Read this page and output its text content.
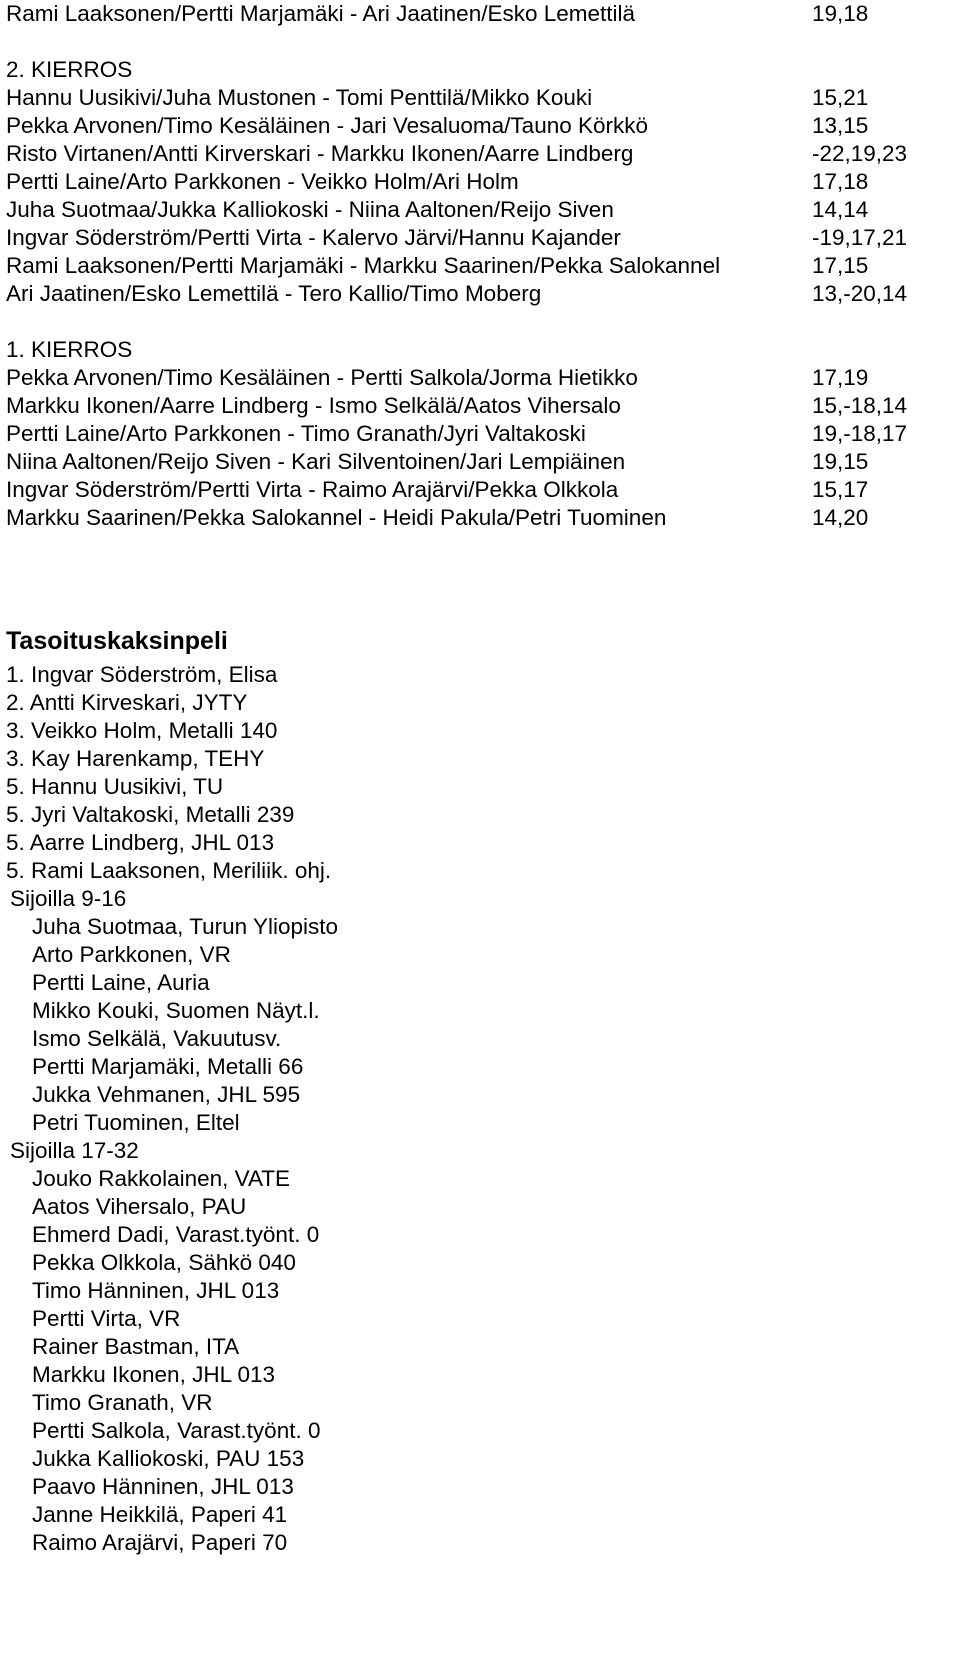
Rami Laaksonen/Pertti Marjamäki - Ari Jaatinen/Esko Lemettilä	19,18
2. KIERROS
Hannu Uusikivi/Juha Mustonen - Tomi Penttilä/Mikko Kouki	15,21
Pekka Arvonen/Timo Kesäläinen - Jari Vesaluoma/Tauno Körkkö	13,15
Risto Virtanen/Antti Kirverskari - Markku Ikonen/Aarre Lindberg	-22,19,23
Pertti Laine/Arto Parkkonen - Veikko Holm/Ari Holm	17,18
Juha Suotmaa/Jukka Kalliokoski - Niina Aaltonen/Reijo Siven	14,14
Ingvar Söderström/Pertti Virta - Kalervo Järvi/Hannu Kajander	-19,17,21
Rami Laaksonen/Pertti Marjamäki - Markku Saarinen/Pekka Salokannel	17,15
Ari Jaatinen/Esko Lemettilä - Tero Kallio/Timo Moberg	13,-20,14
1. KIERROS
Pekka Arvonen/Timo Kesäläinen - Pertti Salkola/Jorma Hietikko	17,19
Markku Ikonen/Aarre Lindberg - Ismo Selkälä/Aatos Vihersalo	15,-18,14
Pertti Laine/Arto Parkkonen - Timo Granath/Jyri Valtakoski	19,-18,17
Niina Aaltonen/Reijo Siven - Kari Silventoinen/Jari Lempiäinen	19,15
Ingvar Söderström/Pertti Virta - Raimo Arajärvi/Pekka Olkkola	15,17
Markku Saarinen/Pekka Salokannel - Heidi Pakula/Petri Tuominen	14,20
Tasoituskaksinpeli
1. Ingvar Söderström, Elisa
2. Antti Kirveskari, JYTY
3. Veikko Holm, Metalli 140
3. Kay Harenkamp, TEHY
5. Hannu Uusikivi, TU
5. Jyri Valtakoski, Metalli 239
5. Aarre Lindberg, JHL 013
5. Rami Laaksonen, Meriliik. ohj.
Sijoilla 9-16
Juha Suotmaa, Turun Yliopisto
Arto Parkkonen, VR
Pertti Laine, Auria
Mikko Kouki, Suomen Näyt.l.
Ismo Selkälä, Vakuutusv.
Pertti Marjamäki, Metalli 66
Jukka Vehmanen, JHL 595
Petri Tuominen, Eltel
Sijoilla 17-32
Jouko Rakkolainen, VATE
Aatos Vihersalo, PAU
Ehmerd Dadi, Varast.työnt. 0
Pekka Olkkola, Sähkö 040
Timo Hänninen, JHL 013
Pertti Virta, VR
Rainer Bastman, ITA
Markku Ikonen, JHL 013
Timo Granath, VR
Pertti Salkola, Varast.työnt. 0
Jukka Kalliokoski, PAU 153
Paavo Hänninen, JHL 013
Janne Heikkilä, Paperi 41
Raimo Arajärvi, Paperi 70
